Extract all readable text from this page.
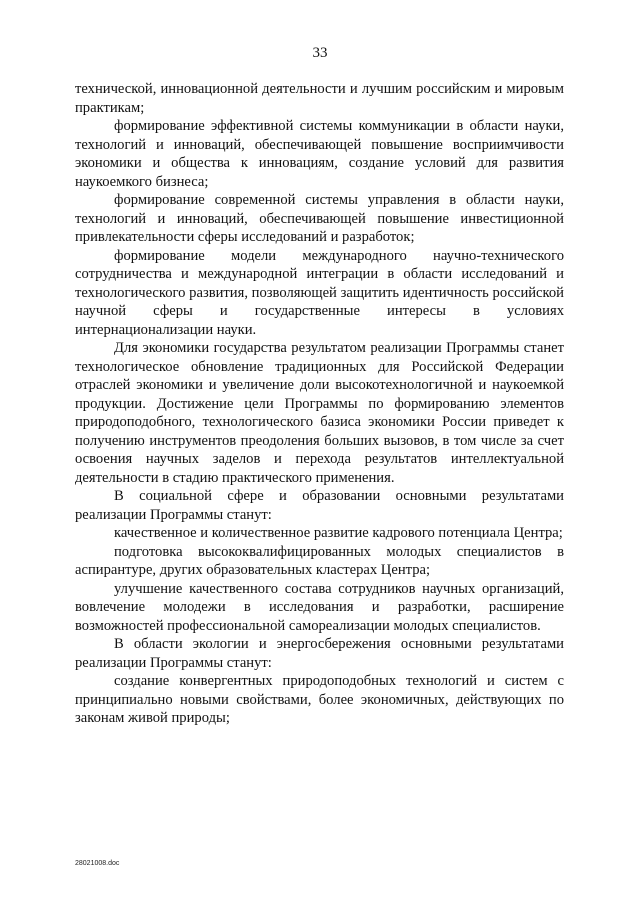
33

технической, инновационной деятельности и лучшим российским и мировым практикам;

формирование эффективной системы коммуникации в области науки, технологий и инноваций, обеспечивающей повышение восприимчивости экономики и общества к инновациям, создание условий для развития наукоемкого бизнеса;

формирование современной системы управления в области науки, технологий и инноваций, обеспечивающей повышение инвестиционной привлекательности сферы исследований и разработок;

формирование модели международного научно-технического сотрудничества и международной интеграции в области исследований и технологического развития, позволяющей защитить идентичность российской научной сферы и государственные интересы в условиях интернационализации науки.

Для экономики государства результатом реализации Программы станет технологическое обновление традиционных для Российской Федерации отраслей экономики и увеличение доли высокотехнологичной и наукоемкой продукции. Достижение цели Программы по формированию элементов природоподобного, технологического базиса экономики России приведет к получению инструментов преодоления больших вызовов, в том числе за счет освоения научных заделов и перехода результатов интеллектуальной деятельности в стадию практического применения.

В социальной сфере и образовании основными результатами реализации Программы станут:

качественное и количественное развитие кадрового потенциала Центра;

подготовка высококвалифицированных молодых специалистов в аспирантуре, других образовательных кластерах Центра;

улучшение качественного состава сотрудников научных организаций, вовлечение молодежи в исследования и разработки, расширение возможностей профессиональной самореализации молодых специалистов.

В области экологии и энергосбережения основными результатами реализации Программы станут:

создание конвергентных природоподобных технологий и систем с принципиально новыми свойствами, более экономичных, действующих по законам живой природы;

28021008.doc
